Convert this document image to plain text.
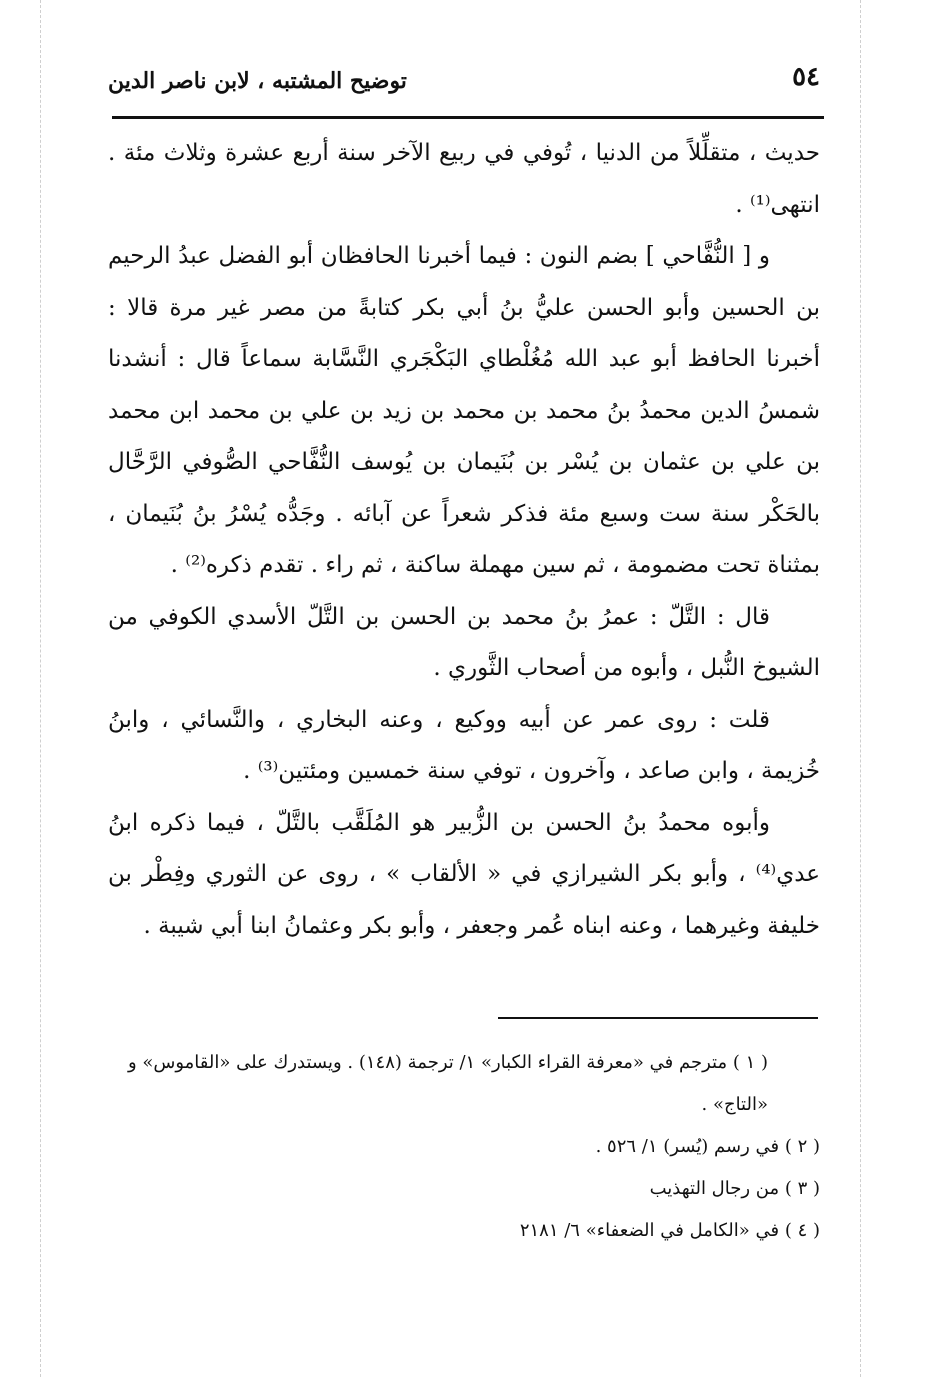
٥٤
توضيح المشتبه ، لابن ناصر الدين

حديث ، متقلِّلاً من الدنيا ، تُوفي في ربيع الآخر سنة أربع عشرة وثلاث مئة . انتهى⁽¹⁾ .

و [ النُّفَّاحي ] بضم النون : فيما أخبرنا الحافظان أبو الفضل عبدُ الرحيم بن الحسين وأبو الحسن عليُّ بنُ أبي بكر كتابةً من مصر غير مرة قالا : أخبرنا الحافظ أبو عبد الله مُغُلْطاي البَكْجَري النَّسَّابة سماعاً قال : أنشدنا شمسُ الدين محمدُ بنُ محمد بن محمد بن زيد بن علي بن محمد ابن محمد بن علي بن عثمان بن يُسْر بن بُنَيمان بن يُوسف النُّفَّاحي الصُّوفي الرَّحَّال بالحَكْر سنة ست وسبع مئة فذكر شعراً عن آبائه . وجَدُّه يُسْرُ بنُ بُنَيمان ، بمثناة تحت مضمومة ، ثم سين مهملة ساكنة ، ثم راء . تقدم ذكره⁽²⁾ .

قال : التَّلّ : عمرُ بنُ محمد بن الحسن بن التَّلّ الأسدي الكوفي من الشيوخ النُّبل ، وأبوه من أصحاب الثَّوري .

قلت : روى عمر عن أبيه ووكيع ، وعنه البخاري ، والنَّسائي ، وابنُ خُزيمة ، وابن صاعد ، وآخرون ، توفي سنة خمسين ومئتين⁽³⁾ .

وأبوه محمدُ بنُ الحسن بن الزُّبير هو المُلَقَّب بالتَّلّ ، فيما ذكره ابنُ عدي⁽⁴⁾ ، وأبو بكر الشيرازي في « الألقاب » ، روى عن الثوري وفِطْر بن خليفة وغيرهما ، وعنه ابناه عُمر وجعفر ، وأبو بكر وعثمانُ ابنا أبي شيبة .

( ١ ) مترجم في «معرفة القراء الكبار» ١/ ترجمة (١٤٨) . ويستدرك على «القاموس» و «التاج» .

( ٢ ) في رسم (يُسر) ١/ ٥٢٦ .

( ٣ ) من رجال التهذيب

( ٤ ) في «الكامل في الضعفاء» ٦/ ٢١٨١
